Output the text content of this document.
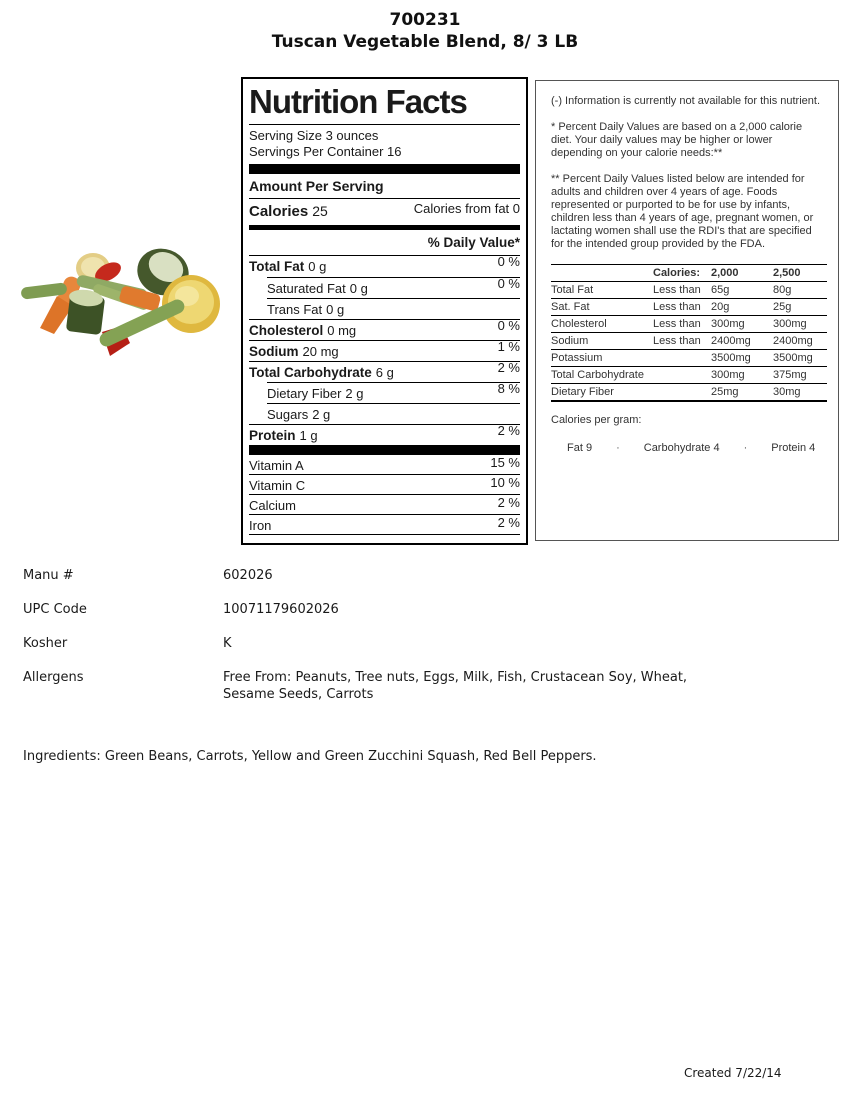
700231
Tuscan Vegetable Blend, 8/ 3 LB
Nutrition Facts
Serving Size 3 ounces
Servings Per Container 16
Amount Per Serving
Calories 25	Calories from fat 0
% Daily Value*
Total Fat 0 g	0 %
Saturated Fat 0 g	0 %
Trans Fat 0 g
Cholesterol 0 mg	0 %
Sodium 20 mg	1 %
Total Carbohydrate 6 g	2 %
Dietary Fiber 2 g	8 %
Sugars 2 g
Protein 1 g	2 %
Vitamin A	15 %
Vitamin C	10 %
Calcium	2 %
Iron	2 %

(-) Information is currently not available for this nutrient.

* Percent Daily Values are based on a 2,000 calorie diet. Your daily values may be higher or lower depending on your calorie needs:**

** Percent Daily Values listed below are intended for adults and children over 4 years of age. Foods represented or purported to be for use by infants, children less than 4 years of age, pregnant women, or lactating women shall use the RDI's that are specified for the intended group provided by the FDA.

	Calories:	2,000	2,500
Total Fat	Less than	65g	80g
Sat. Fat	Less than	20g	25g
Cholesterol	Less than	300mg	300mg
Sodium	Less than	2400mg	2400mg
Potassium		3500mg	3500mg
Total Carbohydrate		300mg	375mg
Dietary Fiber		25mg	30mg
Calories per gram:
Fat 9 · Carbohydrate 4 · Protein 4
Manu #	602026
UPC Code	10071179602026
Kosher	K
Allergens	Free From: Peanuts, Tree nuts, Eggs, Milk, Fish, Crustacean Soy, Wheat, Sesame Seeds, Carrots
Ingredients: Green Beans, Carrots, Yellow and Green Zucchini Squash, Red Bell Peppers.
Created 7/22/14
